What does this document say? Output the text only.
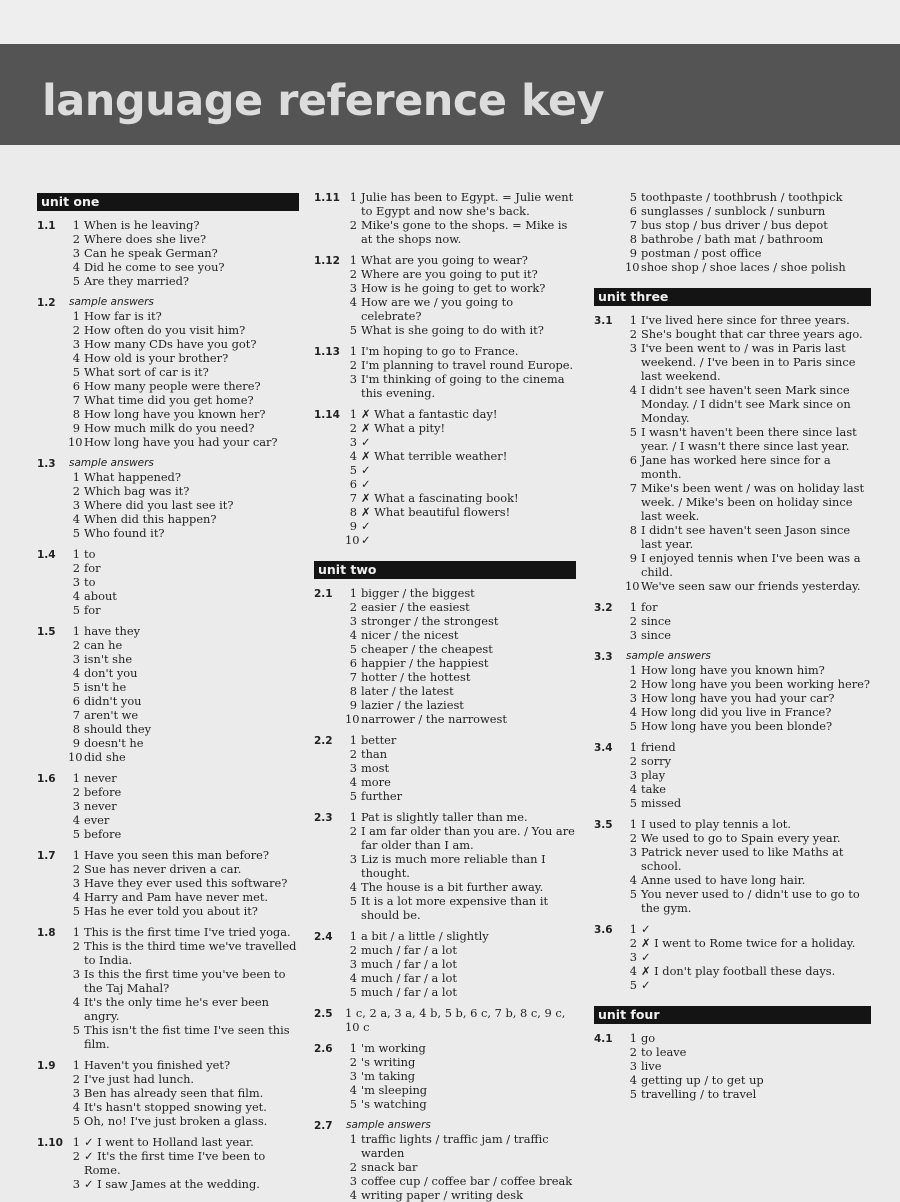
language reference key
unit one
1.1	1 When is he leaving?
2 Where does she live?
3 Can he speak German?
4 Did he come to see you?
5 Are they married?
1.2	sample answers
1 How far is it?
2 How often do you visit him?
3 How many CDs have you got?
4 How old is your brother?
5 What sort of car is it?
6 How many people were there?
7 What time did you get home?
8 How long have you known her?
9 How much milk do you need?
10 How long have you had your car?
1.3	sample answers
1 What happened?
2 Which bag was it?
3 Where did you last see it?
4 When did this happen?
5 Who found it?
1.4	1 to
2 for
3 to
4 about
5 for
1.5	1 have they
2 can he
3 isn't she
4 don't you
5 isn't he
6 didn't you
7 aren't we
8 should they
9 doesn't he
10 did she
1.6	1 never
2 before
3 never
4 ever
5 before
1.7	1 Have you seen this man before?
2 Sue has never driven a car.
3 Have they ever used this software?
4 Harry and Pam have never met.
5 Has he ever told you about it?
1.8	1 This is the first time I've tried yoga.
2 This is the third time we've travelled to India.
3 Is this the first time you've been to the Taj Mahal?
4 It's the only time he's ever been angry.
5 This isn't the fist time I've seen this film.
1.9	1 Haven't you finished yet?
2 I've just had lunch.
3 Ben has already seen that film.
4 It's hasn't stopped snowing yet.
5 Oh, no! I've just broken a glass.
1.10 1 ✓ I went to Holland last year.
2 ✓ It's the first time I've been to Rome.
3 ✓ I saw James at the wedding.
1.11 1 Julie has been to Egypt. = Julie went to Egypt and now she's back.
2 Mike's gone to the shops. = Mike is at the shops now.
1.12 1 What are you going to wear?
2 Where are you going to put it?
3 How is he going to get to work?
4 How are we / you going to celebrate?
5 What is she going to do with it?
1.13 1 I'm hoping to go to France.
2 I'm planning to travel round Europe.
3 I'm thinking of going to the cinema this evening.
1.14 1 ✗ What a fantastic day!
2 ✗ What a pity!
3 ✓
4 ✗ What terrible weather!
5 ✓
6 ✓
7 ✗ What a fascinating book!
8 ✗ What beautiful flowers!
9 ✓
10 ✓
unit two
2.1	1 bigger / the biggest
2 easier / the easiest
3 stronger / the strongest
4 nicer / the nicest
5 cheaper / the cheapest
6 happier / the happiest
7 hotter / the hottest
8 later / the latest
9 lazier / the laziest
10 narrower / the narrowest
2.2	1 better
2 than
3 most
4 more
5 further
2.3	1 Pat is slightly taller than me.
2 I am far older than you are. / You are far older than I am.
3 Liz is much more reliable than I thought.
4 The house is a bit further away.
5 It is a lot more expensive than it should be.
2.4	1 a bit / a little / slightly
2 much / far / a lot
3 much / far / a lot
4 much / far / a lot
5 much / far / a lot
2.5	1 c, 2 a, 3 a, 4 b, 5 b, 6 c, 7 b, 8 c, 9 c, 10 c
2.6	1 'm working
2 's writing
3 'm taking
4 'm sleeping
5 's watching
2.7	sample answers
1 traffic lights / traffic jam / traffic warden
2 snack bar
3 coffee cup / coffee bar / coffee break
4 writing paper / writing desk
5 toothpaste / toothbrush / toothpick
6 sunglasses / sunblock / sunburn
7 bus stop / bus driver / bus depot
8 bathrobe / bath mat / bathroom
9 postman / post office
10 shoe shop / shoe laces / shoe polish
unit three
3.1	1 I've lived here since for three years.
2 She's bought that car three years ago.
3 I've been went to / was in Paris last weekend. / I've been in to Paris since last weekend.
4 I didn't see haven't seen Mark since Monday. / I didn't see Mark since on Monday.
5 I wasn't haven't been there since last year. / I wasn't there since last year.
6 Jane has worked here since for a month.
7 Mike's been went / was on holiday last week. / Mike's been on holiday since last week.
8 I didn't see haven't seen Jason since last year.
9 I enjoyed tennis when I've been was a child.
10 We've seen saw our friends yesterday.
3.2	1 for
2 since
3 since
3.3	sample answers
1 How long have you known him?
2 How long have you been working here?
3 How long have you had your car?
4 How long did you live in France?
5 How long have you been blonde?
3.4	1 friend
2 sorry
3 play
4 take
5 missed
3.5	1 I used to play tennis a lot.
2 We used to go to Spain every year.
3 Patrick never used to like Maths at school.
4 Anne used to have long hair.
5 You never used to / didn't use to go to the gym.
3.6	1 ✓
2 ✗ I went to Rome twice for a holiday.
3 ✓
4 ✗ I don't play football these days.
5 ✓
unit four
4.1	1 go
2 to leave
3 live
4 getting up / to get up
5 travelling / to travel
